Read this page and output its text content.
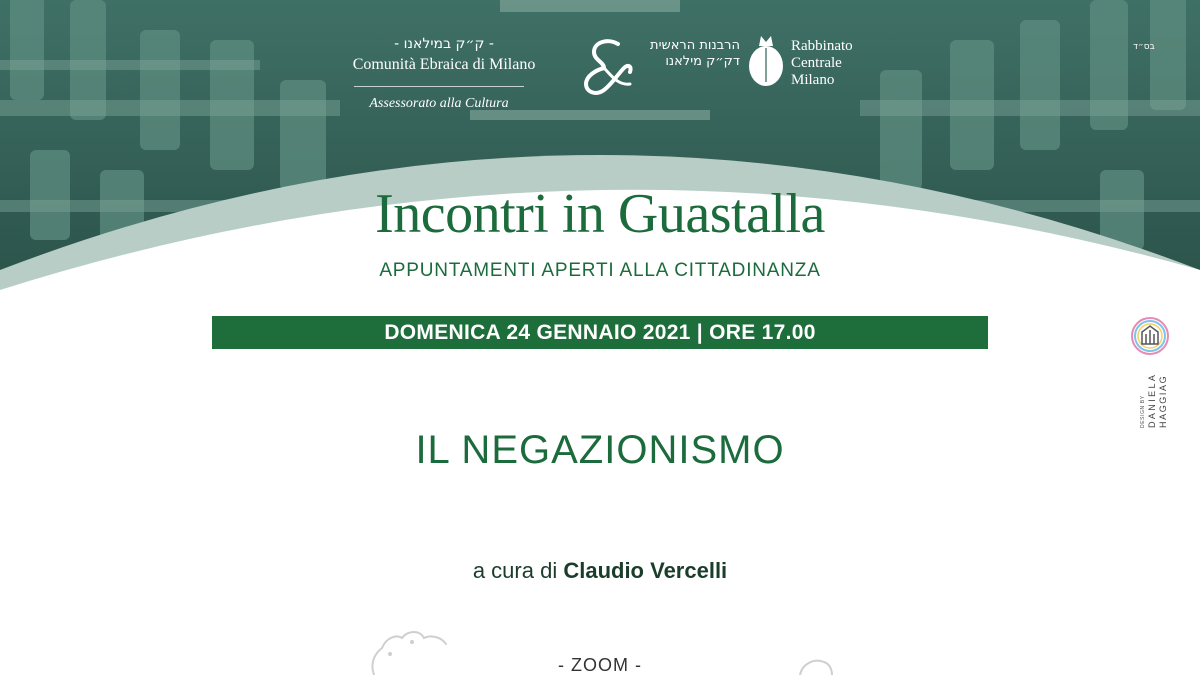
- ק״ק במילאנו -
Comunità Ebraica di Milano
Assessorato alla Cultura
הרבנות הראשית דק״ק מילאנו
Rabbinato
Centrale
Milano
בס״ד
Incontri in Guastalla
APPUNTAMENTI APERTI ALLA CITTADINANZA
DOMENICA 24 GENNAIO 2021 | ORE 17.00
IL NEGAZIONISMO
a cura di Claudio Vercelli
- ZOOM -
DESIGN BY DANIELA HAGGIAG
